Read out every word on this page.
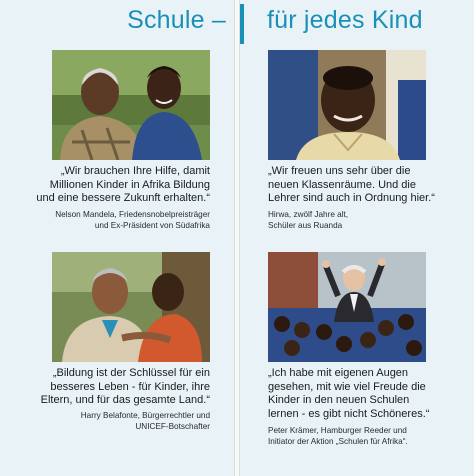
Schule – für jedes Kind
„Wir brauchen Ihre Hilfe, damit
Millionen Kinder in Afrika Bildung
und eine bessere Zukunft erhalten.“
Nelson Mandela, Friedensnobelpreisträger
und Ex-Präsident von Südafrika
„Wir freuen uns sehr über die
neuen Klassenräume. Und die
Lehrer sind auch in Ordnung hier.“
Hirwa, zwölf Jahre alt,
Schüler aus Ruanda
„Bildung ist der Schlüssel für ein
besseres Leben - für Kinder, ihre
Eltern, und für das gesamte Land.“
Harry Belafonte, Bürgerrechtler und
UNICEF-Botschafter
„Ich habe mit eigenen Augen
gesehen, mit wie viel Freude die
Kinder in den neuen Schulen
lernen - es gibt nicht Schöneres.“
Peter Krämer, Hamburger Reeder und
Initiator der Aktion „Schulen für Afrika“.
